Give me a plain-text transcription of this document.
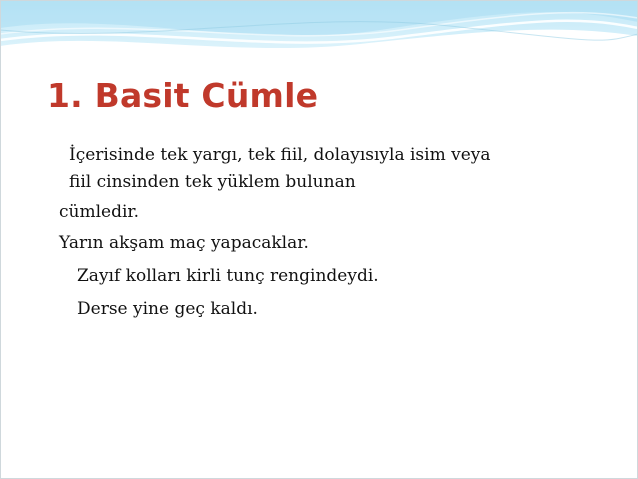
1. Basit Cümle

İçerisinde tek yargı, tek fiil, dolayısıyla isim veya

fiil cinsinden tek yüklem bulunan

cümledir.

Yarın akşam maç yapacaklar.

Zayıf kolları kirli tunç rengindeydi.

Derse yine geç kaldı.
